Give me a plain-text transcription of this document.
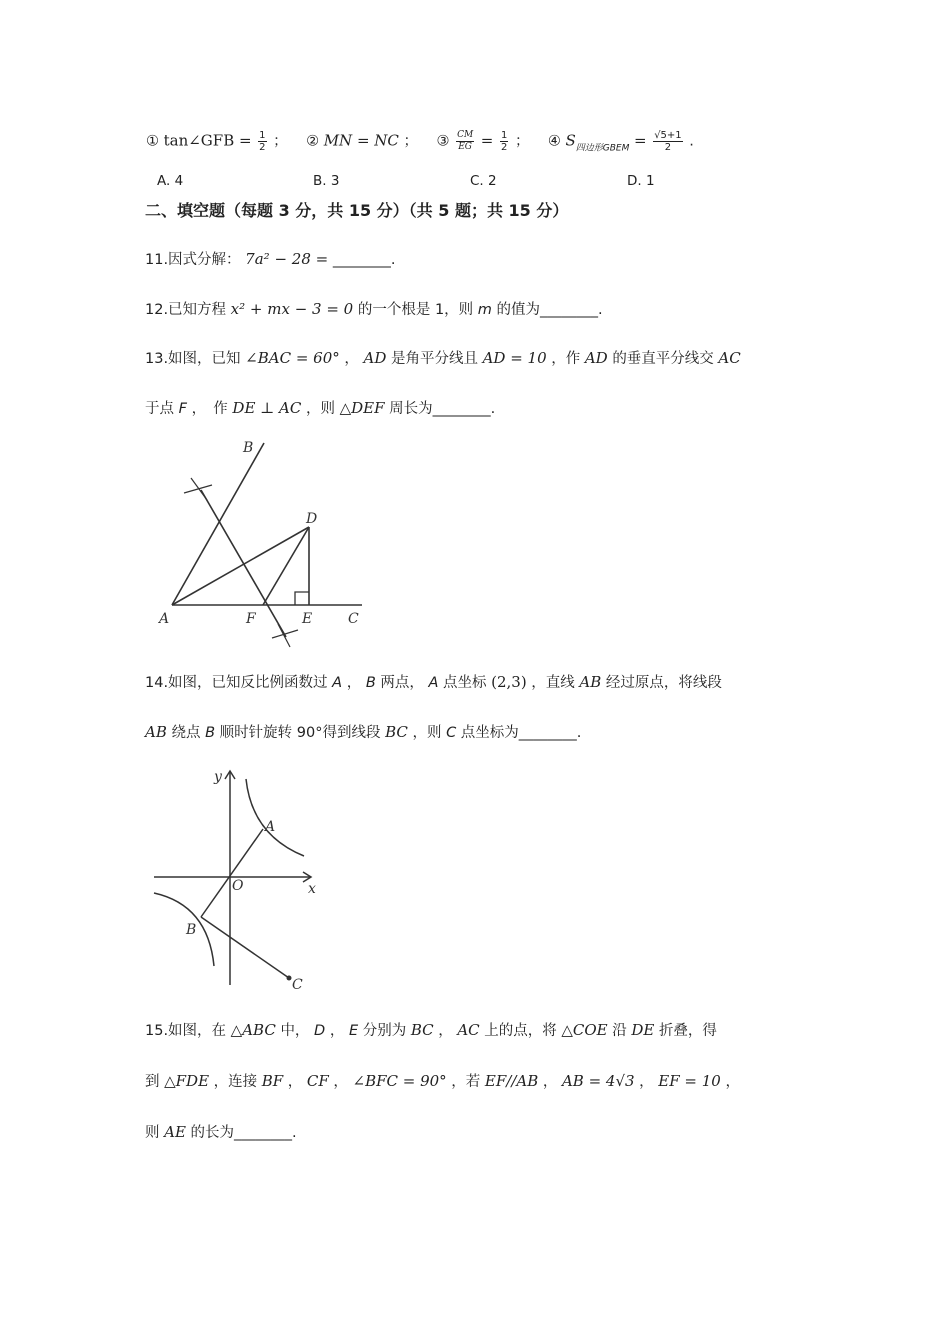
① tan∠GFB = $\frac{1}{2}$ ； ② MN = NC ； ③ $\frac{CM}{EG} = \frac{1}{2}$ ； ④ $S_{四边形GBEM} = \frac{√5+1}{2}$ .
A. 4	B. 3	C. 2	D. 1
二、填空题（每题 3 分，共 15 分）（共 5 题；共 15 分）
11.因式分解： 7a² − 28 = ________.
12.已知方程 x² + mx − 3 = 0 的一个根是 1，则 m 的值为________.
13.如图，已知 ∠BAC = 60° ， AD 是角平分线且 AD = 10 ，作 AD 的垂直平分线交 AC
于点 F ，　作 DE ⊥ AC ，则 △DEF 周长为________.
B
D
A	F	E	C
14.如图，已知反比例函数过 A ， B 两点， A 点坐标 (2,3) ，直线 AB 经过原点，将线段
AB 绕点 B 顺时针旋转 90°得到线段 BC ，则 C 点坐标为________.
y
x
O
A
B
C
15.如图，在 △ABC 中， D ， E 分别为 BC ， AC 上的点，将 △COE 沿 DE 折叠，得
到 △FDE ，连接 BF ， CF ， ∠BFC = 90° ，若 EF//AB ， AB = 4√3 ， EF = 10 ，
则 AE 的长为________.
